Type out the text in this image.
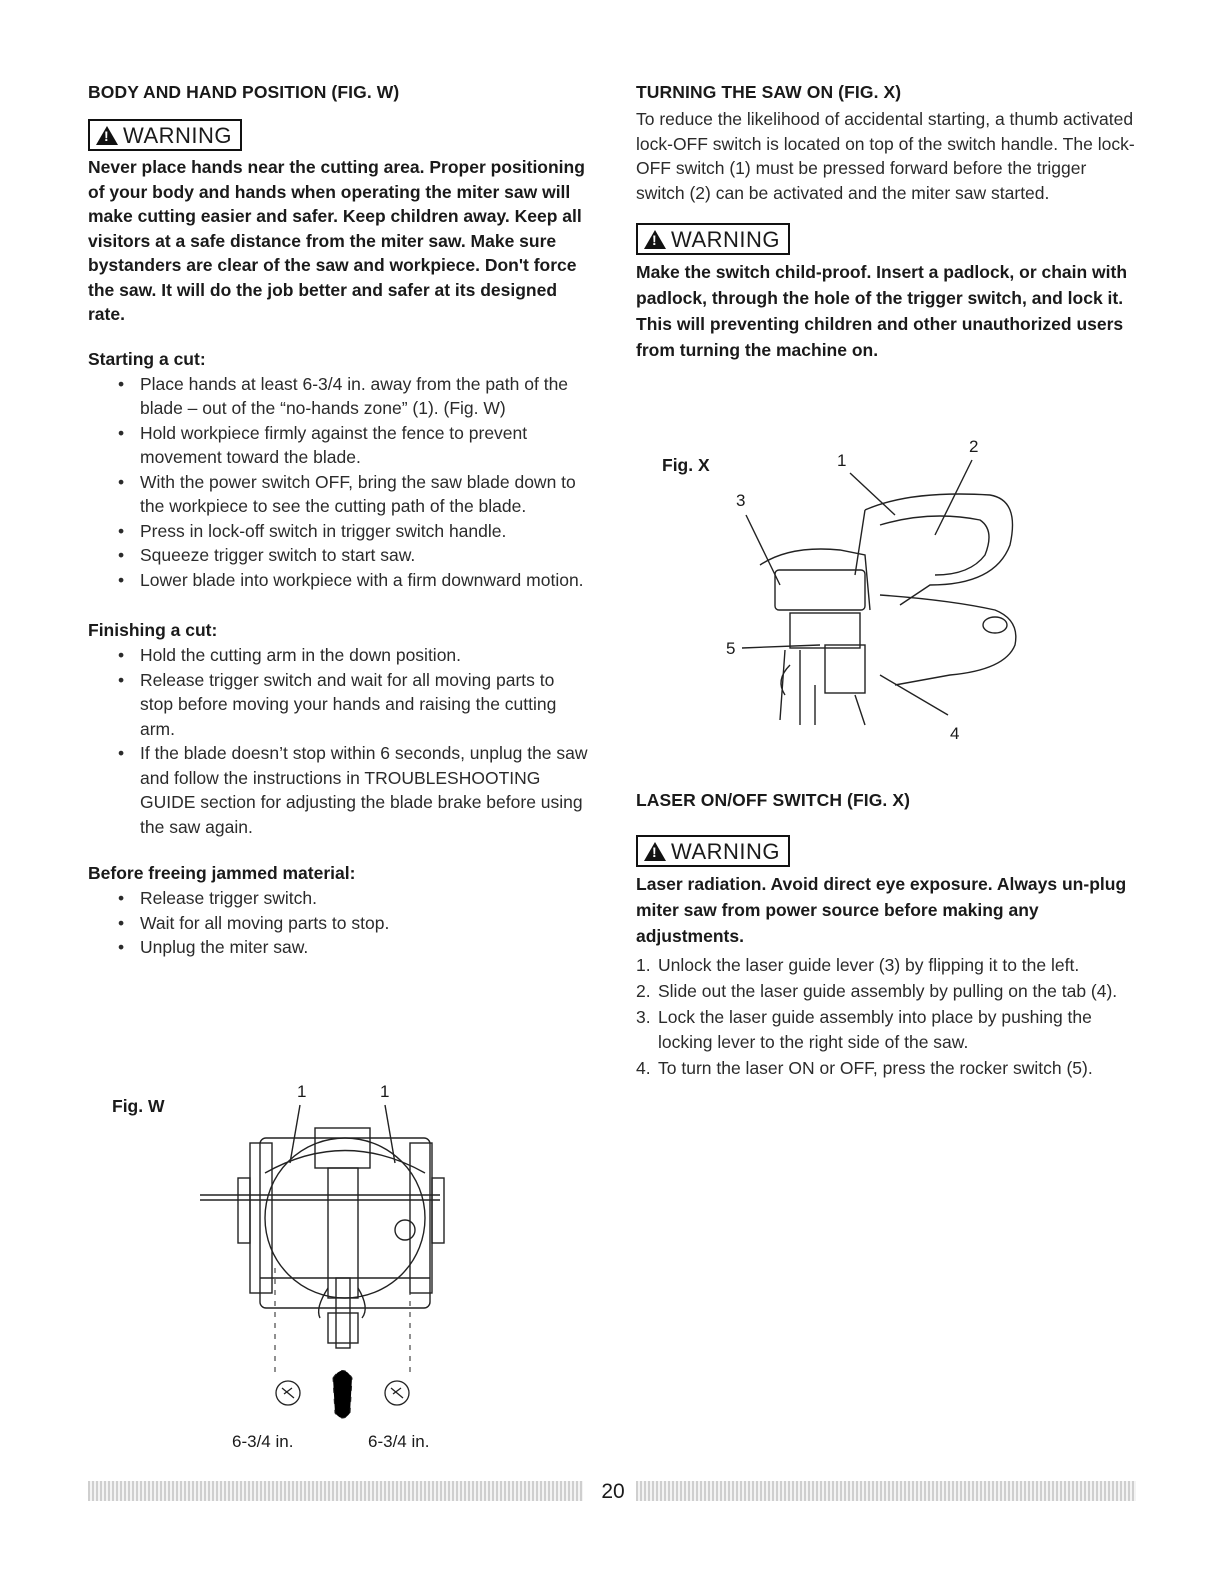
BODY AND HAND POSITION (FIG. W)
!WARNING

Never place hands near the cutting area. Proper positioning of your body and hands when operating the miter saw will make cutting easier and safer. Keep children away. Keep all visitors at a safe distance from the miter saw. Make sure bystanders are clear of the saw and workpiece. Don't force the saw. It will do the job better and safer at its designed rate.

Starting a cut:
• Place hands at least 6-3/4 in. away from the path of the blade – out of the “no-hands zone” (1). (Fig. W)
• Hold workpiece firmly against the fence to prevent movement toward the blade.
• With the power switch OFF, bring the saw blade down to the workpiece to see the cutting path of the blade.
• Press in lock-off switch in trigger switch handle.
• Squeeze trigger switch to start saw.
• Lower blade into workpiece with a firm downward motion.
Finishing a cut:
• Hold the cutting arm in the down position.
• Release trigger switch and wait for all moving parts to stop before moving your hands and raising the cutting arm.
• If the blade doesn’t stop within 6 seconds, unplug the saw and follow the instructions in TROUBLESHOOTING GUIDE section for adjusting the blade brake before using the saw again.
Before freeing jammed material:
• Release trigger switch.
• Wait for all moving parts to stop.
• Unplug the miter saw.
Fig. W
1	1
6-3/4 in.	6-3/4 in.
TURNING THE SAW ON (FIG. X)

To reduce the likelihood of accidental starting, a thumb activated lock-OFF switch is located on top of the switch handle. The lock-OFF switch (1) must be pressed forward before the trigger switch (2) can be activated and the miter saw started.

!WARNING

Make the switch child-proof. Insert a padlock, or chain with padlock, through the hole of the trigger switch, and lock it. This will preventing children and other unauthorized users from turning the machine on.

Fig. X	1
2
3
4
5
LASER ON/OFF SWITCH (FIG. X)
!WARNING

Laser radiation. Avoid direct eye exposure. Always un-plug miter saw from power source before making any adjustments.

1. Unlock the laser guide lever (3) by flipping it to the left.
2. Slide out the laser guide assembly by pulling on the tab (4).
3. Lock the laser guide assembly into place by pushing the locking lever to the right side of the saw.
4. To turn the laser ON or OFF, press the rocker switch (5).
20
